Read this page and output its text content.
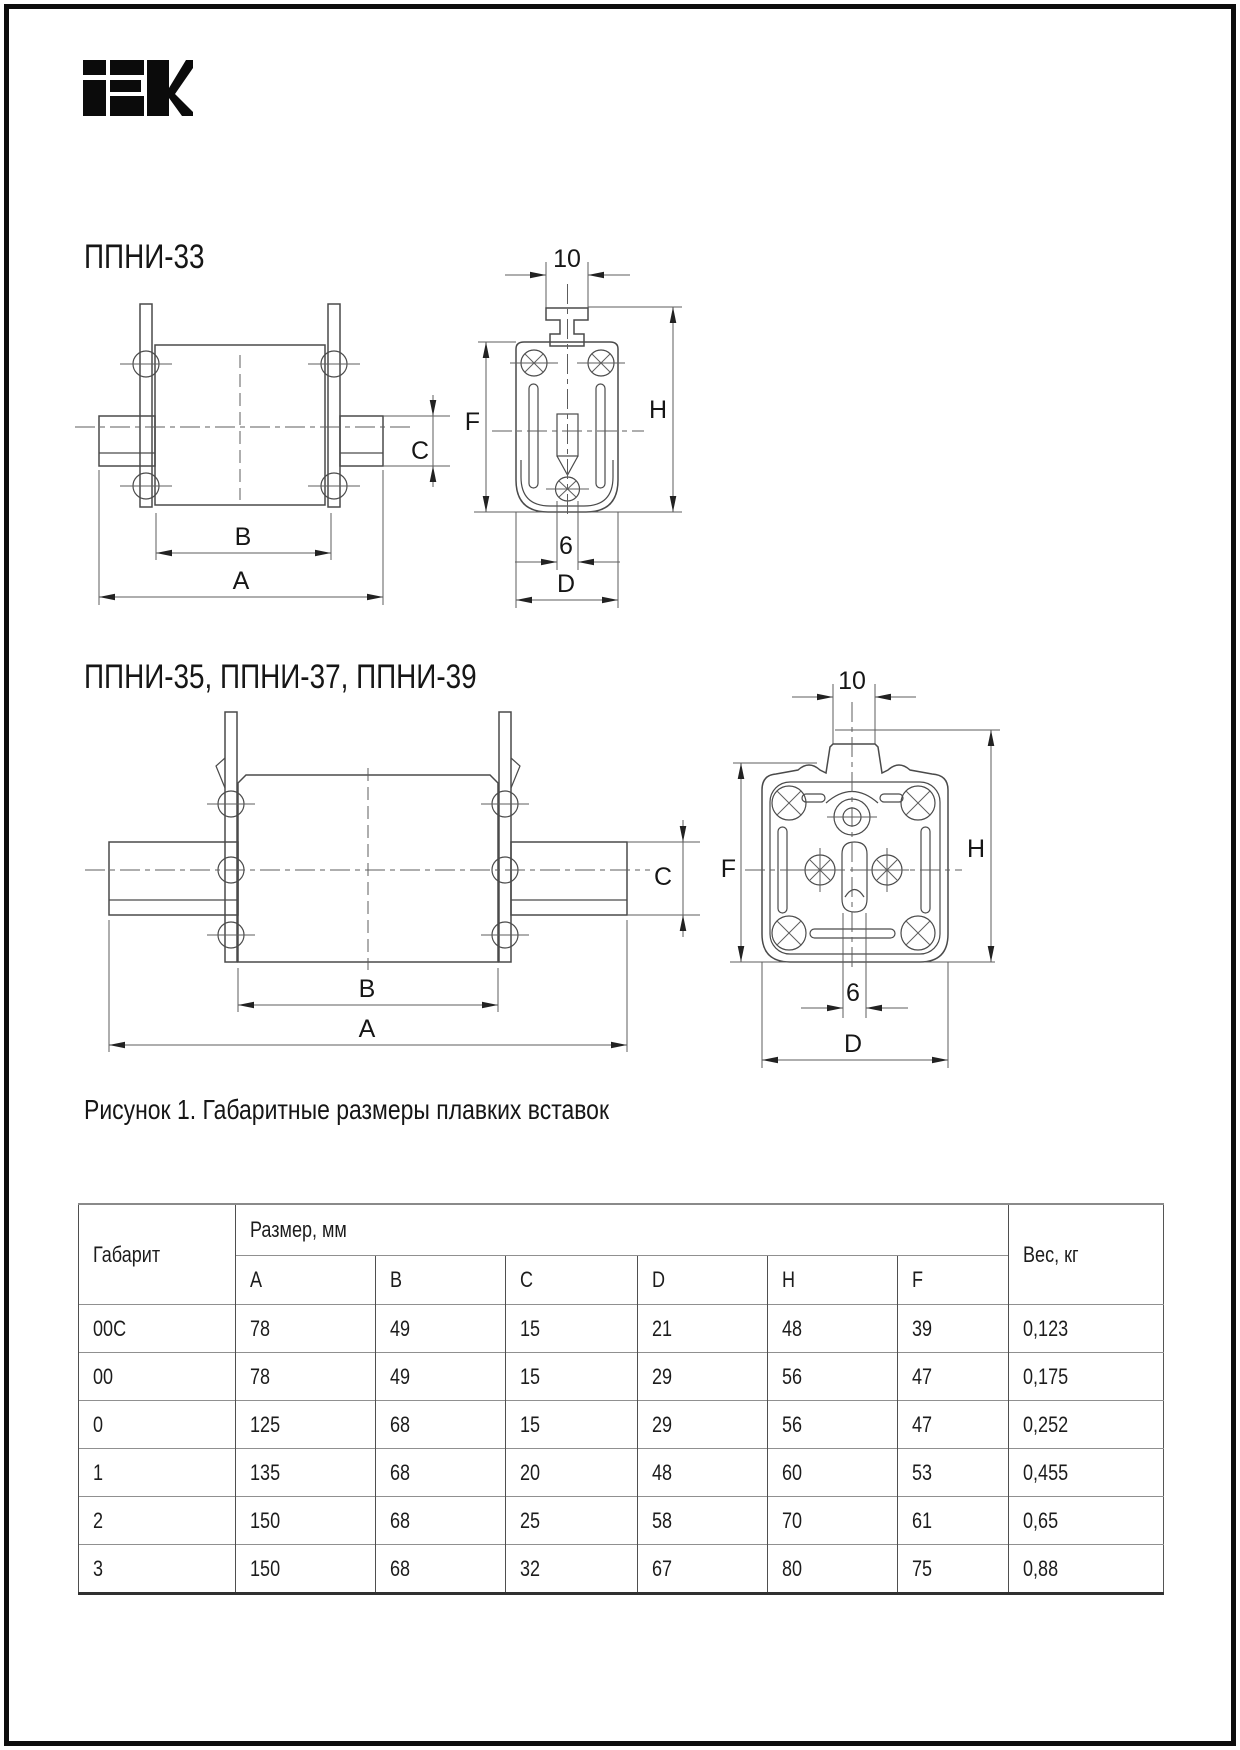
ППНИ-33
ППНИ-35, ППНИ-37, ППНИ-39
C
B
A
10
F	H
6
D
C
B
A
10
F
H
6
D
Рисунок 1. Габаритные размеры плавких вставок
Габарит	Размер, мм						Вес, кг
	A	B	C	D	H	F	
00C	78	49	15	21	48	39	0,123
00	78	49	15	29	56	47	0,175
0	125	68	15	29	56	47	0,252
1	135	68	20	48	60	53	0,455
2	150	68	25	58	70	61	0,65
3	150	68	32	67	80	75	0,88
